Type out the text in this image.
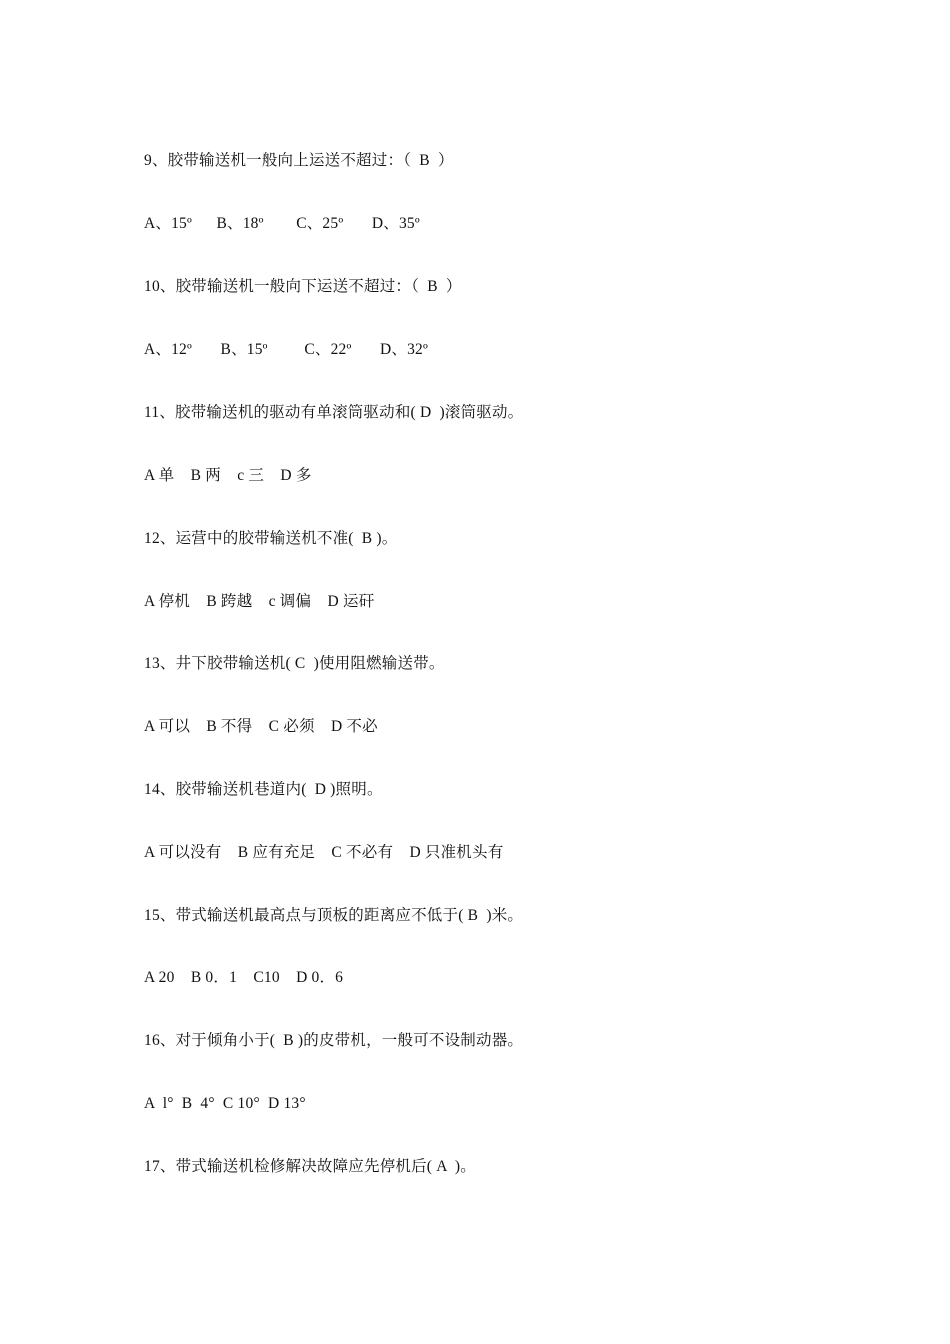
9、胶带输送机一般向上运送不超过：（  B  ）
A、15º      B、18º        C、25º       D、35º
10、胶带输送机一般向下运送不超过：（  B  ）
A、12º       B、15º         C、22º       D、32º
11、胶带输送机的驱动有单滚筒驱动和( D  )滚筒驱动。
A 单    B 两    c 三    D 多
12、运营中的胶带输送机不准(  B )。
A 停机    B 跨越    c 调偏    D 运矸
13、井下胶带输送机( C  )使用阻燃输送带。
A 可以    B 不得    C 必须    D 不必
14、胶带输送机巷道内(  D )照明。
A 可以没有    B 应有充足    C 不必有    D 只准机头有
15、带式输送机最高点与顶板的距离应不低于( B  )米。
A 20    B 0．1    C10    D 0．6
16、对于倾角小于(  B )的皮带机，一般可不设制动器。
A  l°  B  4°  C 10°  D 13°
17、带式输送机检修解决故障应先停机后( A  )。
